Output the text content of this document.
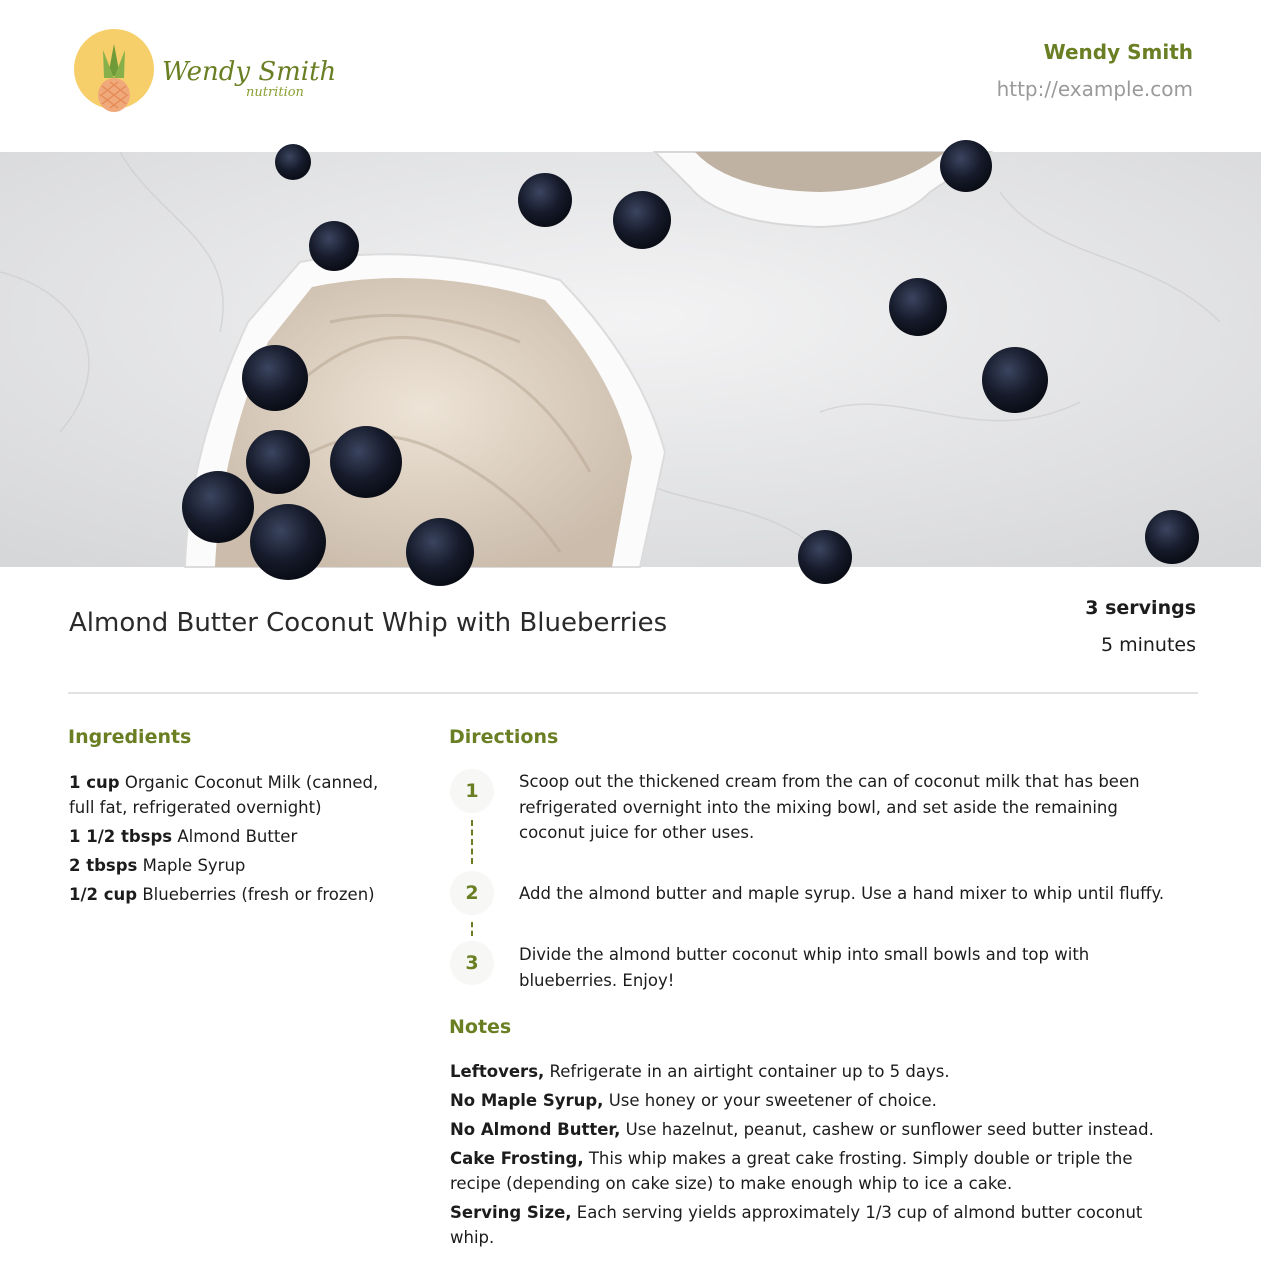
Wendy Smith
nutrition
Wendy Smith
http://example.com
Almond Butter Coconut Whip with Blueberries	3 servings
5 minutes
Ingredients
1 cup Organic Coconut Milk (canned, full fat, refrigerated overnight)
1 1/2 tbsps Almond Butter
2 tbsps Maple Syrup
1/2 cup Blueberries (fresh or frozen)
Directions
1	Scoop out the thickened cream from the can of coconut milk that has been refrigerated overnight into the mixing bowl, and set aside the remaining coconut juice for other uses.
2	Add the almond butter and maple syrup. Use a hand mixer to whip until fluffy.
3	Divide the almond butter coconut whip into small bowls and top with blueberries. Enjoy!
Notes
Leftovers, Refrigerate in an airtight container up to 5 days.
No Maple Syrup, Use honey or your sweetener of choice.
No Almond Butter, Use hazelnut, peanut, cashew or sunflower seed butter instead.
Cake Frosting, This whip makes a great cake frosting. Simply double or triple the recipe (depending on cake size) to make enough whip to ice a cake.
Serving Size, Each serving yields approximately 1/3 cup of almond butter coconut whip.
